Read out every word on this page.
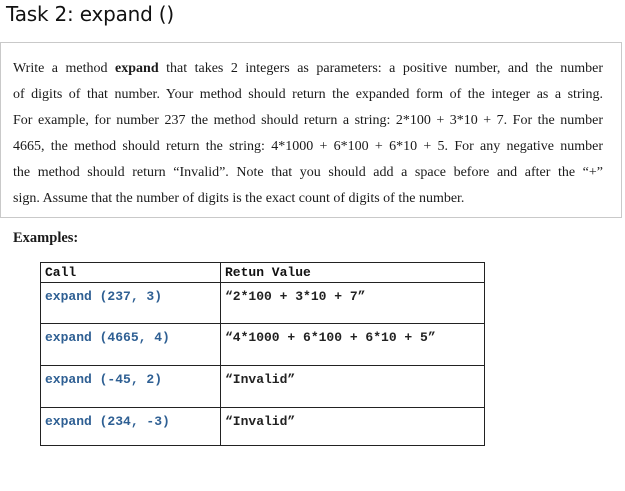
Task 2: expand ()
Write a method expand that takes 2 integers as parameters: a positive number, and the number
of digits of that number. Your method should return the expanded form of the integer as a string.
For example, for number 237 the method should return a string: 2*100 + 3*10 + 7. For the number
4665, the method should return the string: 4*1000 + 6*100 + 6*10 + 5. For any negative number
the method should return “Invalid”. Note that you should add a space before and after the “+”
sign. Assume that the number of digits is the exact count of digits of the number.
Examples:
Call	Retun Value
expand (237, 3)	“2*100 + 3*10 + 7”
expand (4665, 4)	“4*1000 + 6*100 + 6*10 + 5”
expand (-45, 2)	“Invalid”
expand (234, -3)	“Invalid”
